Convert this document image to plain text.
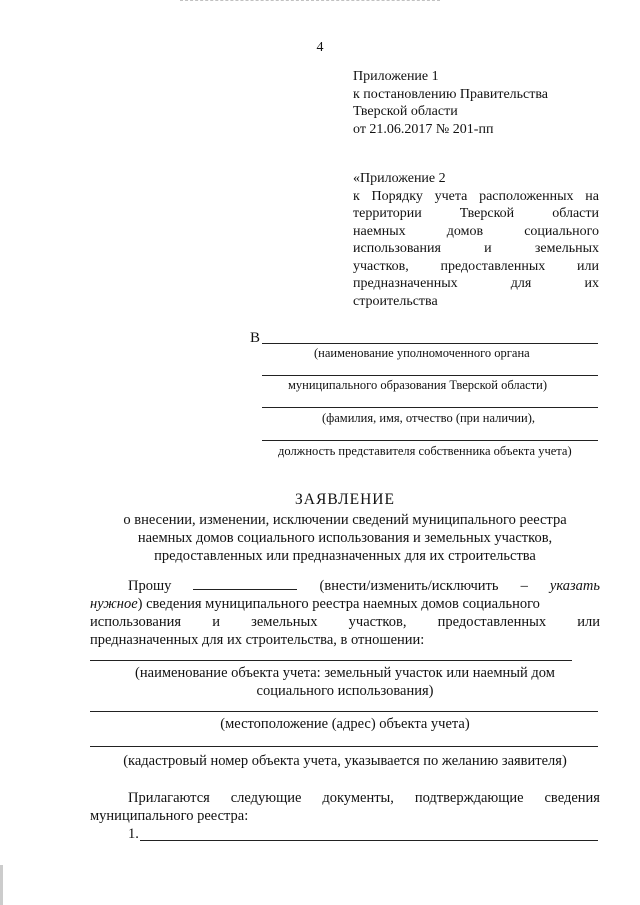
4
Приложение 1
к постановлению Правительства
Тверской области
от 21.06.2017 № 201-пп
«Приложение 2
к Порядку учета расположенных на
территории	Тверской	области
наемных	домов	социального
использования	и	земельных
участков, предоставленных или
предназначенных	для	их
строительства
В
(наименование уполномоченного органа
муниципального образования Тверской области)
(фамилия, имя, отчество (при наличии),
должность представителя собственника объекта учета)
ЗАЯВЛЕНИЕ
о внесении, изменении, исключении сведений муниципального реестра
наемных домов социального использования и земельных участков,
предоставленных или предназначенных для их строительства
Прошу	(внести/изменить/исключить – указать
нужное) сведения муниципального реестра наемных домов социального
использования и земельных участков, предоставленных или
предназначенных для их строительства, в отношении:
(наименование объекта учета: земельный участок или наемный дом
социального использования)
(местоположение (адрес) объекта учета)
(кадастровый номер объекта учета, указывается по желанию заявителя)
Прилагаются следующие документы, подтверждающие сведения
муниципального реестра:
1.
